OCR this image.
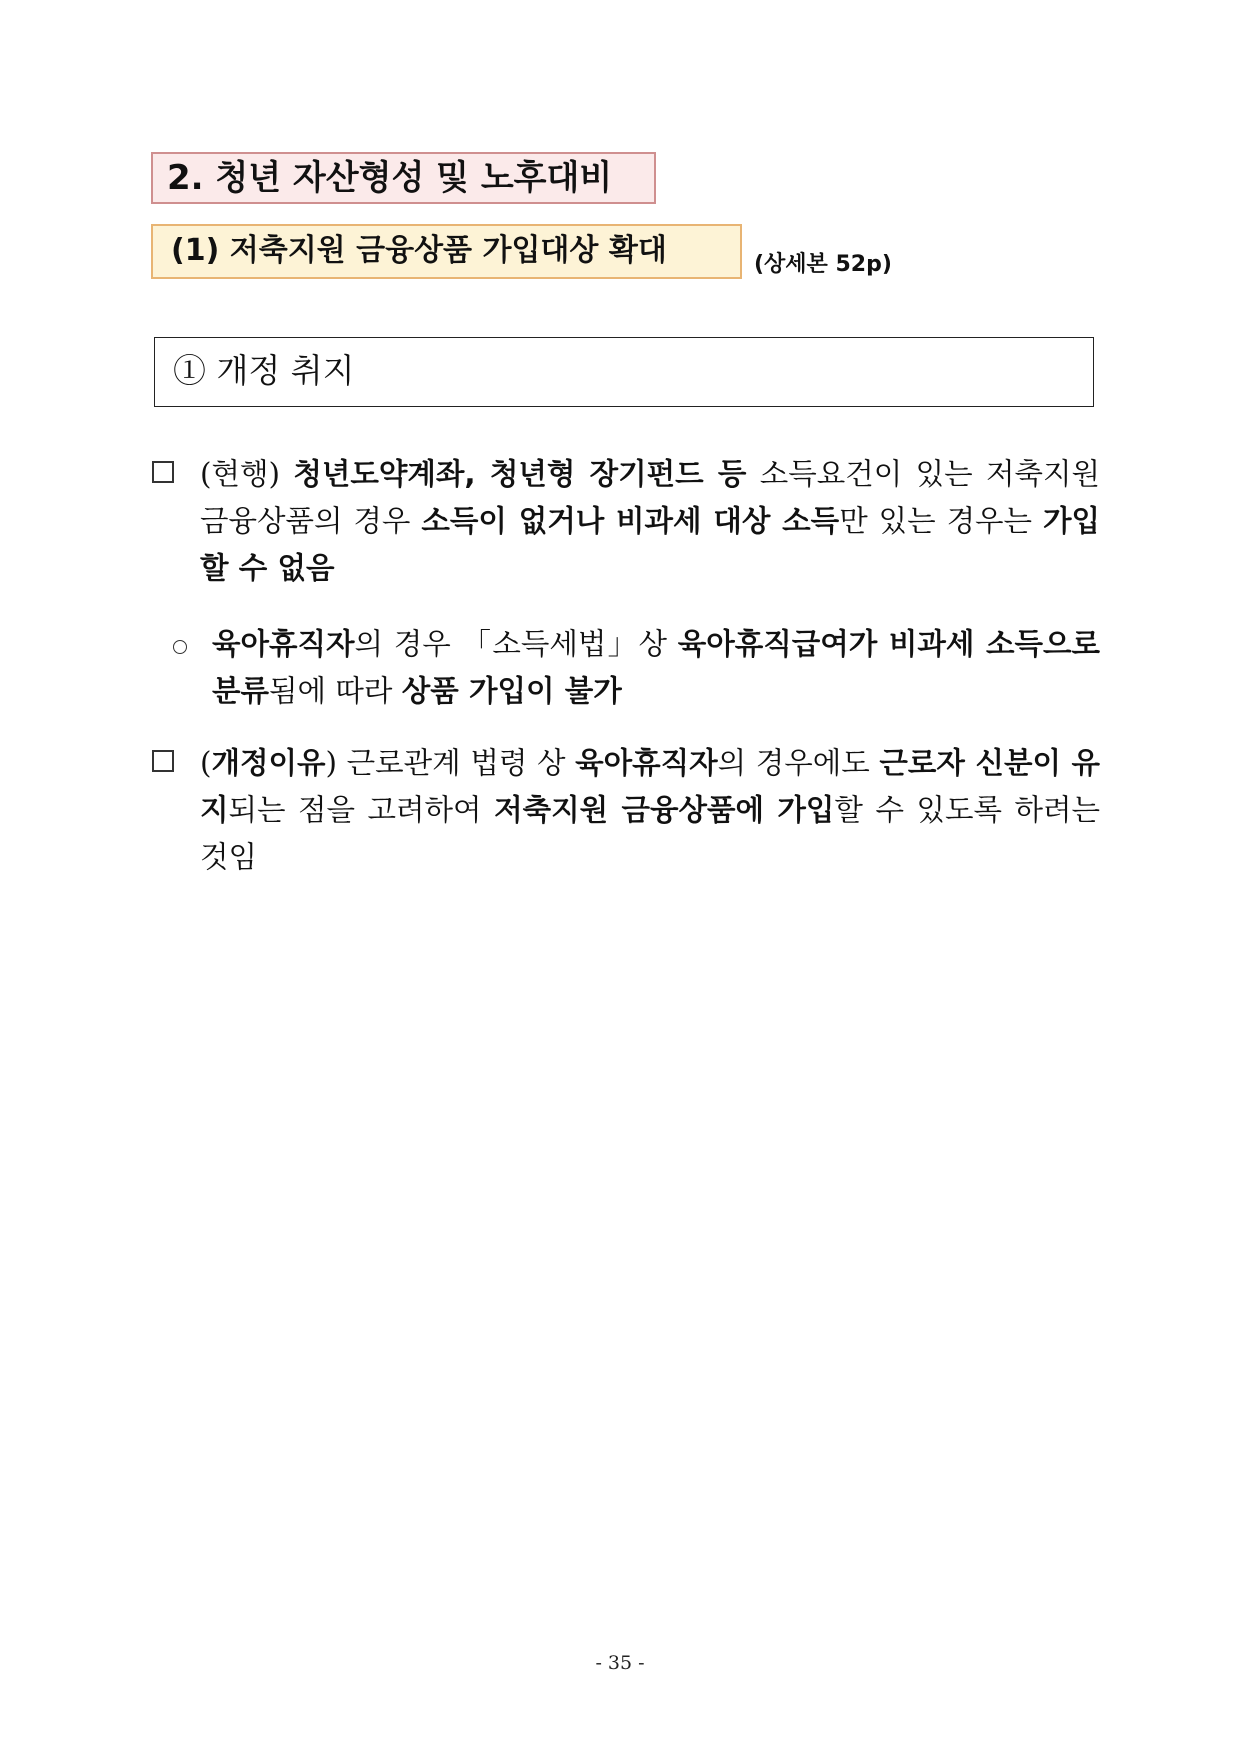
2. 청년 자산형성 및 노후대비
(1) 저축지원 금융상품 가입대상 확대	(상세본 52p)
① 개정 취지
(현행) 청년도약계좌, 청년형 장기펀드 등 소득요건이 있는 저축지원 금융상품의 경우 소득이 없거나 비과세 대상 소득만 있는 경우는 가입할 수 없음
육아휴직자의 경우 「소득세법」상 육아휴직급여가 비과세 소득으로 분류됨에 따라 상품 가입이 불가
(개정이유) 근로관계 법령 상 육아휴직자의 경우에도 근로자 신분이 유지되는 점을 고려하여 저축지원 금융상품에 가입할 수 있도록 하려는 것임
- 35 -
